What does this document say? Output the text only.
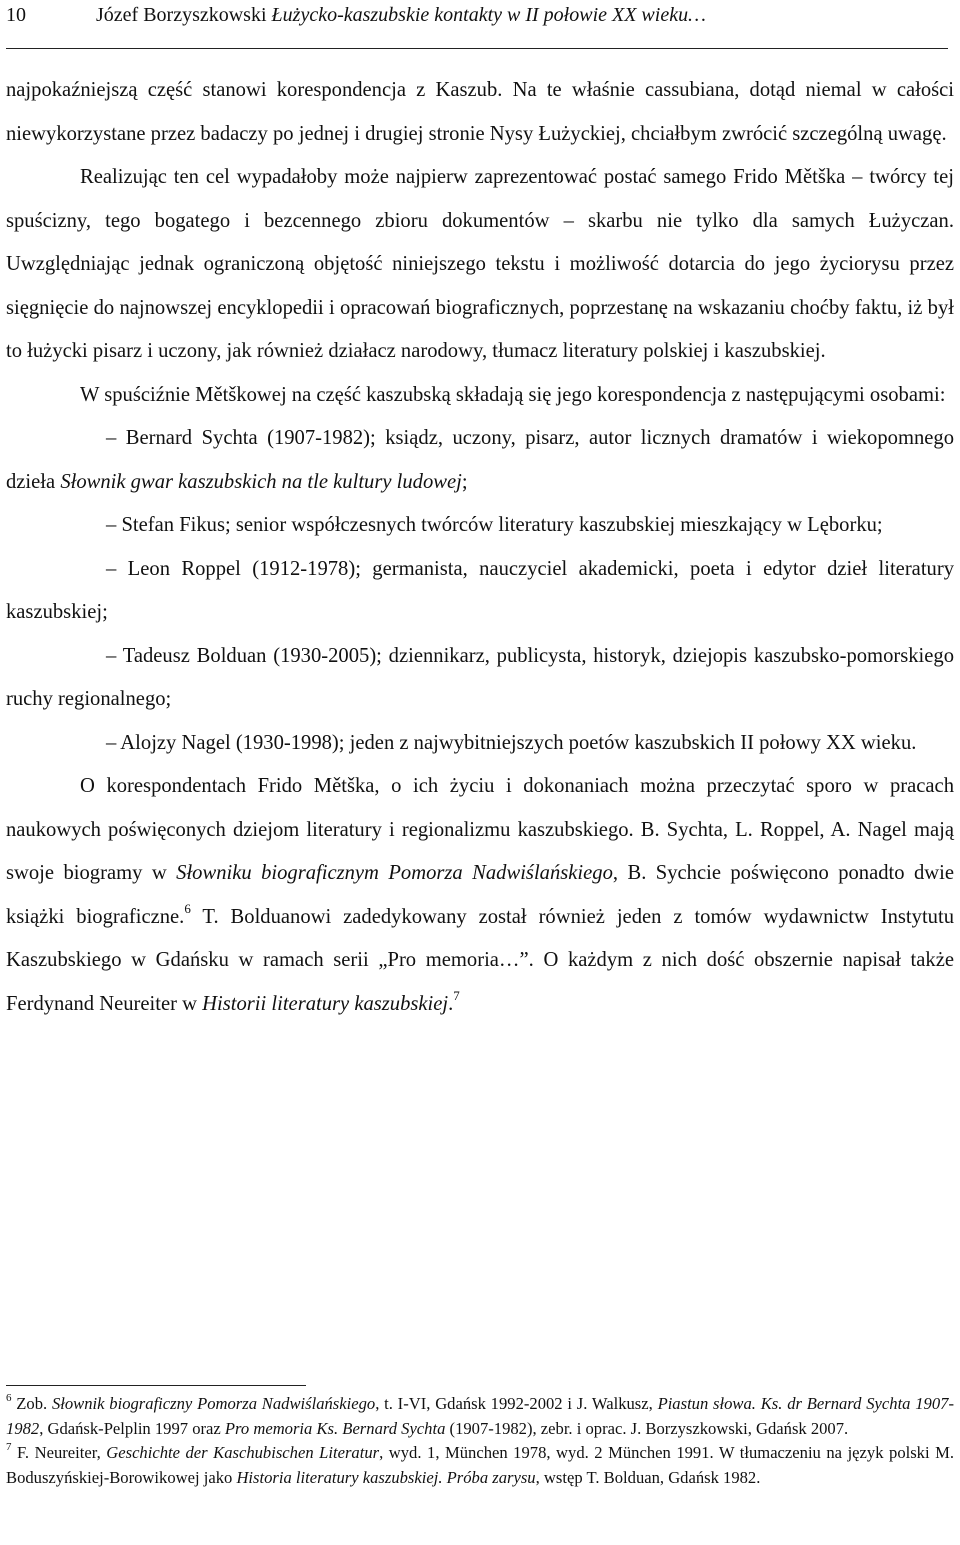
10	Józef Borzyszkowski Łużycko-kaszubskie kontakty w II połowie XX wieku…

najpokaźniejszą część stanowi korespondencja z Kaszub. Na te właśnie cassubiana, dotąd niemal w całości niewykorzystane przez badaczy po jednej i drugiej stronie Nysy Łużyckiej, chciałbym zwrócić szczególną uwagę.

Realizując ten cel wypadałoby może najpierw zaprezentować postać samego Frido Mětška – twórcy tej spuścizny, tego bogatego i bezcennego zbioru dokumentów – skarbu nie tylko dla samych Łużyczan. Uwzględniając jednak ograniczoną objętość niniejszego tekstu i możliwość dotarcia do jego życiorysu przez sięgnięcie do najnowszej encyklopedii i opracowań biograficznych, poprzestanę na wskazaniu choćby faktu, iż był to łużycki pisarz i uczony, jak również działacz narodowy, tłumacz literatury polskiej i kaszubskiej.

W spuściźnie Mětškowej na część kaszubską składają się jego korespondencja z następującymi osobami:

– Bernard Sychta (1907-1982); ksiądz, uczony, pisarz, autor licznych dramatów i wiekopomnego dzieła Słownik gwar kaszubskich na tle kultury ludowej;

– Stefan Fikus; senior współczesnych twórców literatury kaszubskiej mieszkający w Lęborku;

– Leon Roppel (1912-1978); germanista, nauczyciel akademicki, poeta i edytor dzieł literatury kaszubskiej;

– Tadeusz Bolduan (1930-2005); dziennikarz, publicysta, historyk, dziejopis kaszubsko-pomorskiego ruchy regionalnego;

– Alojzy Nagel (1930-1998); jeden z najwybitniejszych poetów kaszubskich II połowy XX wieku.

O korespondentach Frido Mětška, o ich życiu i dokonaniach można przeczytać sporo w pracach naukowych poświęconych dziejom literatury i regionalizmu kaszubskiego. B. Sychta, L. Roppel, A. Nagel mają swoje biogramy w Słowniku biograficznym Pomorza Nadwiślańskiego, B. Sychcie poświęcono ponadto dwie książki biograficzne.$^6$ T. Bolduanowi zadedykowany został również jeden z tomów wydawnictw Instytutu Kaszubskiego w Gdańsku w ramach serii „Pro memoria…”. O każdym z nich dość obszernie napisał także Ferdynand Neureiter w Historii literatury kaszubskiej.$^7$

$^6$ Zob. Słownik biograficzny Pomorza Nadwiślańskiego, t. I-VI, Gdańsk 1992-2002 i J. Walkusz, Piastun słowa. Ks. dr Bernard Sychta 1907-1982, Gdańsk-Pelplin 1997 oraz Pro memoria Ks. Bernard Sychta (1907-1982), zebr. i oprac. J. Borzyszkowski, Gdańsk 2007.

$^7$ F. Neureiter, Geschichte der Kaschubischen Literatur, wyd. 1, München 1978, wyd. 2 München 1991. W tłumaczeniu na język polski M. Boduszyńskiej-Borowikowej jako Historia literatury kaszubskiej. Próba zarysu, wstęp T. Bolduan, Gdańsk 1982.
